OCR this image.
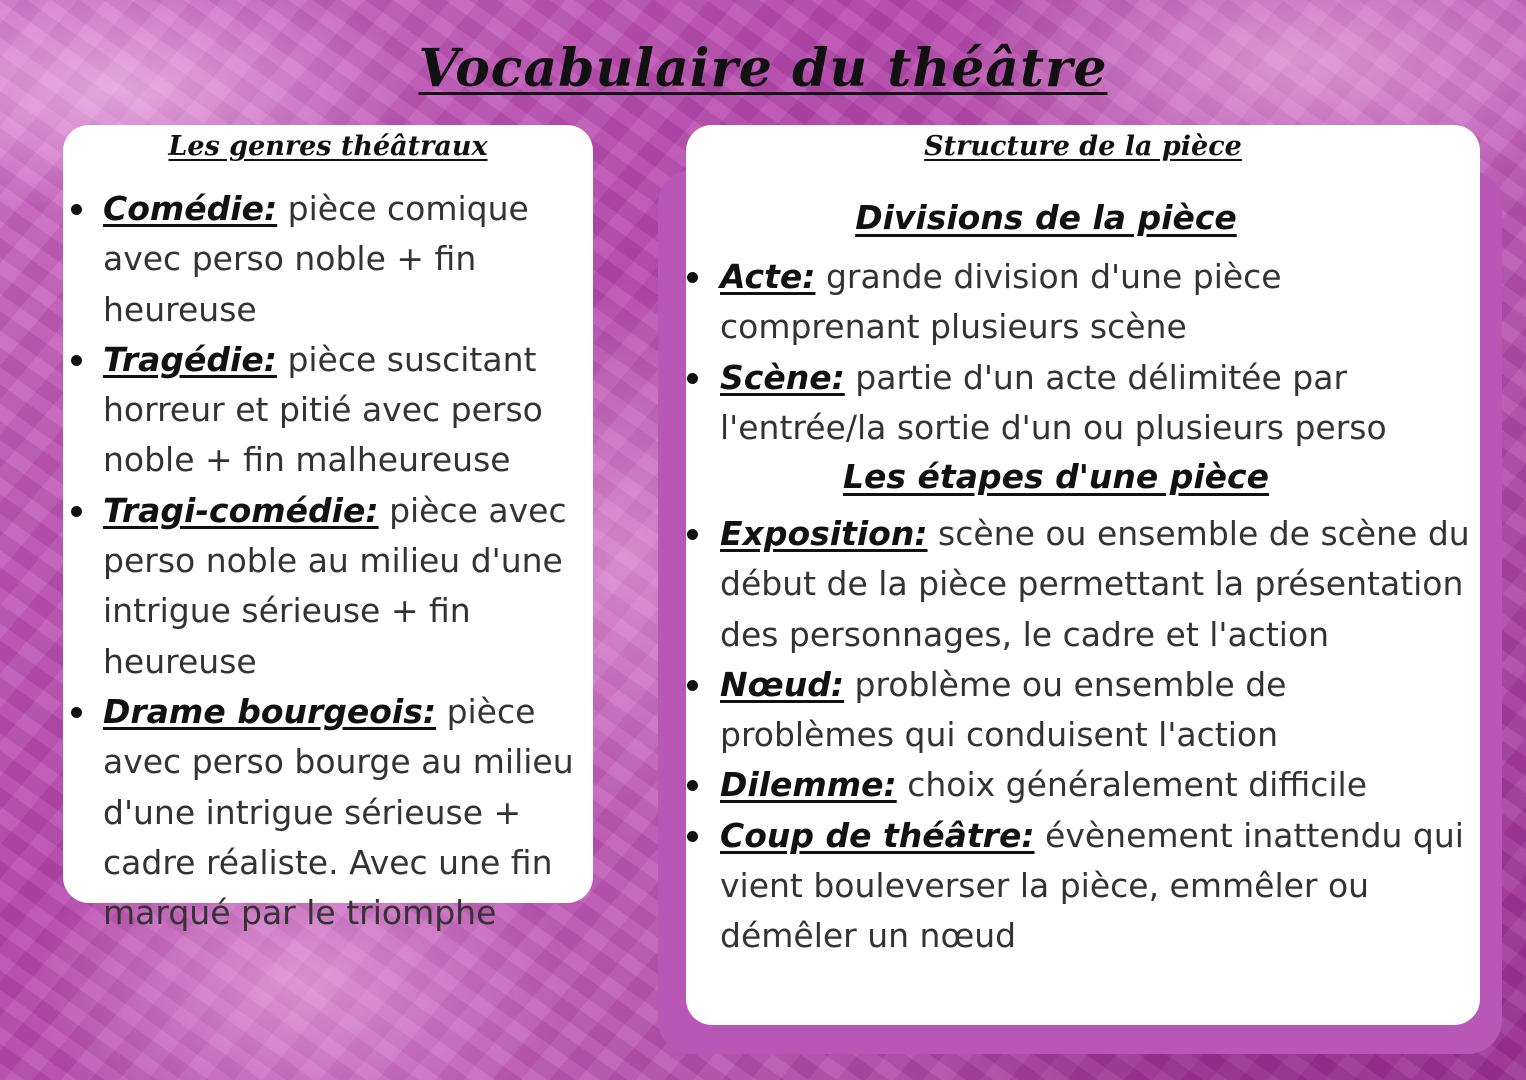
Vocabulaire du théâtre
Les genres théâtraux
Comédie: pièce comique avec perso noble + fin heureuse
Tragédie: pièce suscitant horreur et pitié avec perso noble + fin malheureuse
Tragi-comédie: pièce avec perso noble au milieu d'une intrigue sérieuse + fin heureuse
Drame bourgeois: pièce avec perso bourge au milieu d'une intrigue sérieuse + cadre réaliste. Avec une fin marqué par le triomphe
Structure de la pièce
Divisions de la pièce
Acte: grande division d'une pièce comprenant plusieurs scène
Scène: partie d'un acte délimitée par l'entrée/la sortie d'un ou plusieurs perso
Les étapes d'une pièce
Exposition: scène ou ensemble de scène du début de la pièce permettant la présentation des personnages, le cadre et l'action
Nœud: problème ou ensemble de problèmes qui conduisent l'action
Dilemme: choix généralement difficile
Coup de théâtre: évènement inattendu qui vient bouleverser la pièce, emmêler ou démêler un nœud
